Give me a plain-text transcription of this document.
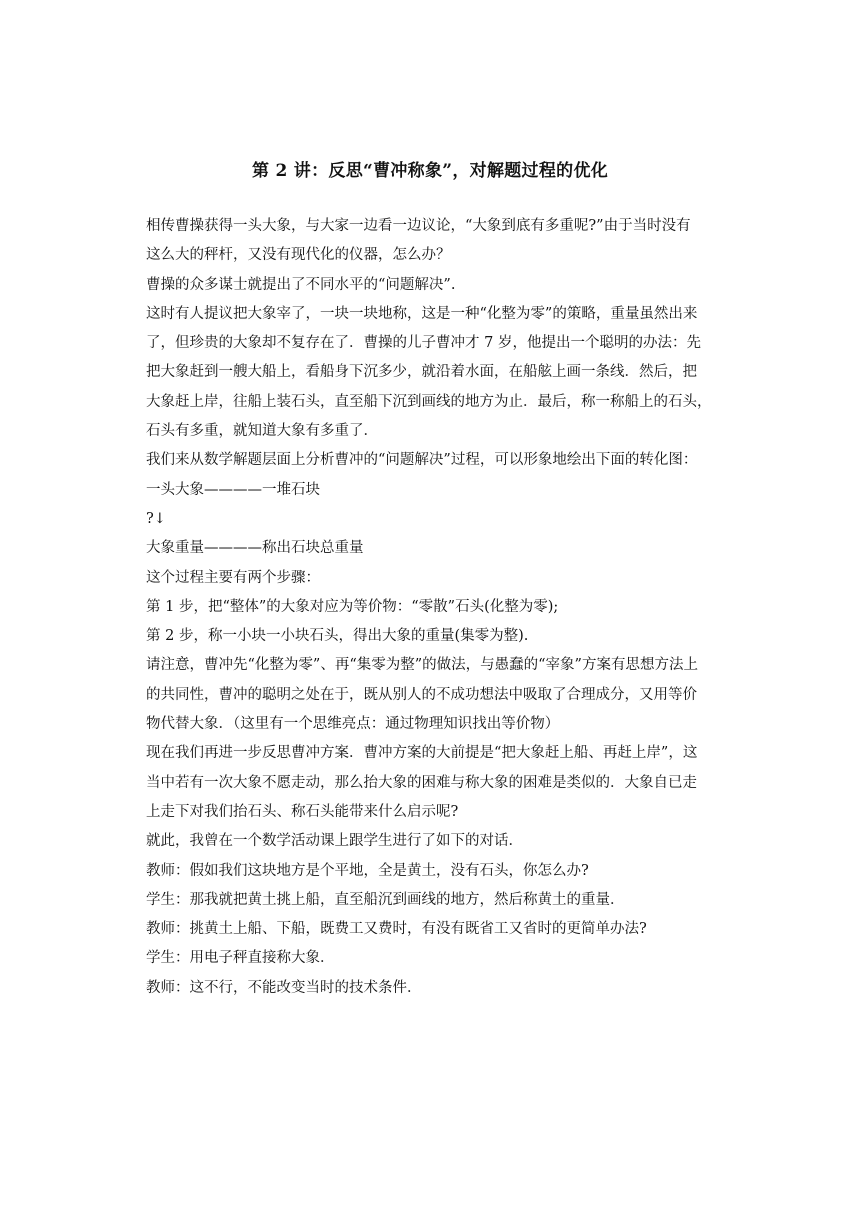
第 2 讲：反思“曹冲称象”，对解题过程的优化
相传曹操获得一头大象，与大家一边看一边议论，“大象到底有多重呢?”由于当时没有
这么大的秤杆，又没有现代化的仪器，怎么办？
曹操的众多谋士就提出了不同水平的“问题解决”.
这时有人提议把大象宰了，一块一块地称，这是一种“化整为零”的策略，重量虽然出来
了，但珍贵的大象却不复存在了．曹操的儿子曹冲才 7 岁，他提出一个聪明的办法：先
把大象赶到一艘大船上，看船身下沉多少，就沿着水面，在船舷上画一条线．然后，把
大象赶上岸，往船上装石头，直至船下沉到画线的地方为止．最后，称一称船上的石头，
石头有多重，就知道大象有多重了．
我们来从数学解题层面上分析曹冲的“问题解决”过程，可以形象地绘出下面的转化图：
一头大象————一堆石块
?↓
大象重量————称出石块总重量
这个过程主要有两个步骤：
第 1 步，把“整体”的大象对应为等价物：“零散”石头(化整为零);
第 2 步，称一小块一小块石头，得出大象的重量(集零为整).
请注意，曹冲先“化整为零”、再“集零为整”的做法，与愚蠢的“宰象”方案有思想方法上
的共同性，曹冲的聪明之处在于，既从别人的不成功想法中吸取了合理成分，又用等价
物代替大象．（这里有一个思维亮点：通过物理知识找出等价物）
现在我们再进一步反思曹冲方案．曹冲方案的大前提是“把大象赶上船、再赶上岸”，这
当中若有一次大象不愿走动，那么抬大象的困难与称大象的困难是类似的．大象自已走
上走下对我们抬石头、称石头能带来什么启示呢?
就此，我曾在一个数学活动课上跟学生进行了如下的对话．
教师：假如我们这块地方是个平地，全是黄土，没有石头，你怎么办?
学生：那我就把黄土挑上船，直至船沉到画线的地方，然后称黄土的重量．
教师：挑黄土上船、下船，既费工又费时，有没有既省工又省时的更简单办法?
学生：用电子秤直接称大象．
教师：这不行，不能改变当时的技术条件．
